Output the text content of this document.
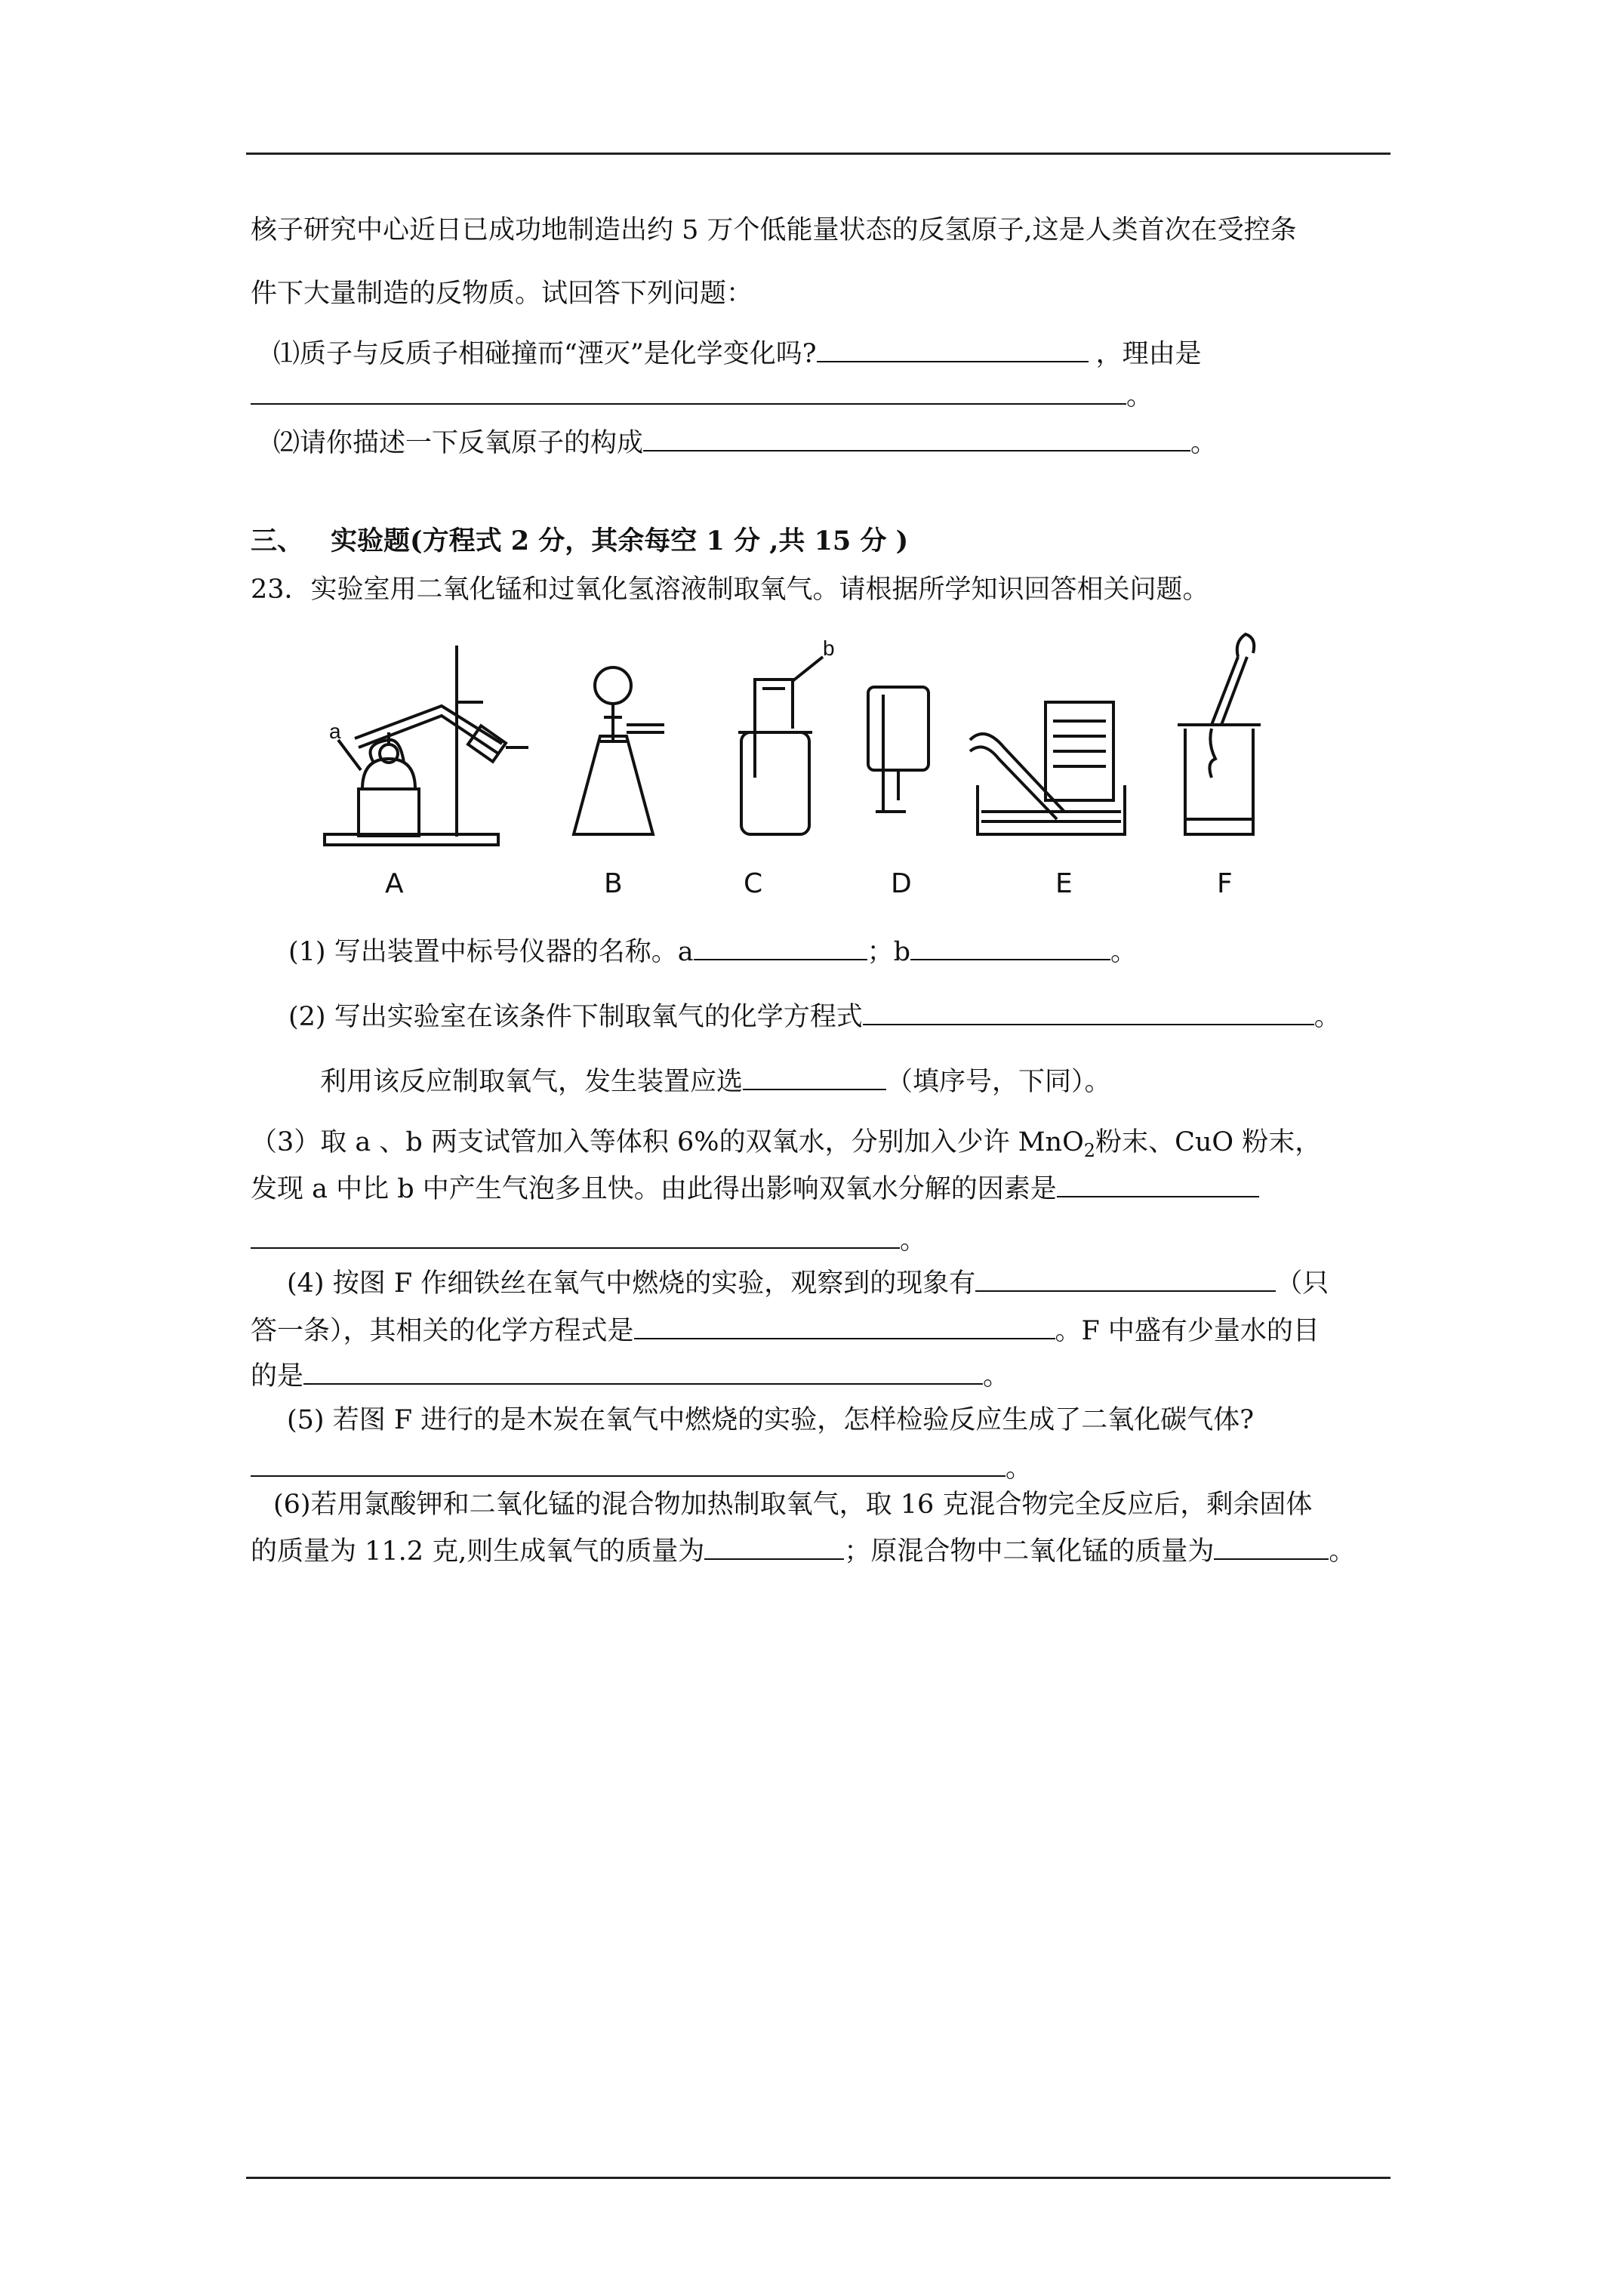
核子研究中心近日已成功地制造出约 5 万个低能量状态的反氢原子,这是人类首次在受控条
件下大量制造的反物质。试回答下列问题：
⑴质子与反质子相碰撞而“湮灭”是化学变化吗?	，理由是
。
⑵请你描述一下反氧原子的构成	。
三、 实验题(方程式 2 分，其余每空 1 分 ,共 15 分 )
23．实验室用二氧化锰和过氧化氢溶液制取氧气。请根据所学知识回答相关问题。
a
b
A	B	C	D	E	F
(1) 写出装置中标号仪器的名称。a	；b	。
(2) 写出实验室在该条件下制取氧气的化学方程式	。
利用该反应制取氧气，发生装置应选	（填序号，下同）。
（3）取 a 、b 两支试管加入等体积 6%的双氧水，分别加入少许 MnO$_2$粉末、CuO 粉末，
发现 a 中比 b 中产生气泡多且快。由此得出影响双氧水分解的因素是
。
(4) 按图 F 作细铁丝在氧气中燃烧的实验，观察到的现象有	（只
答一条），其相关的化学方程式是	。F 中盛有少量水的目
的是	。
(5) 若图 F 进行的是木炭在氧气中燃烧的实验，怎样检验反应生成了二氧化碳气体?
。
(6)若用氯酸钾和二氧化锰的混合物加热制取氧气，取 16 克混合物完全反应后，剩余固体
的质量为 11.2 克,则生成氧气的质量为	；原混合物中二氧化锰的质量为	。
